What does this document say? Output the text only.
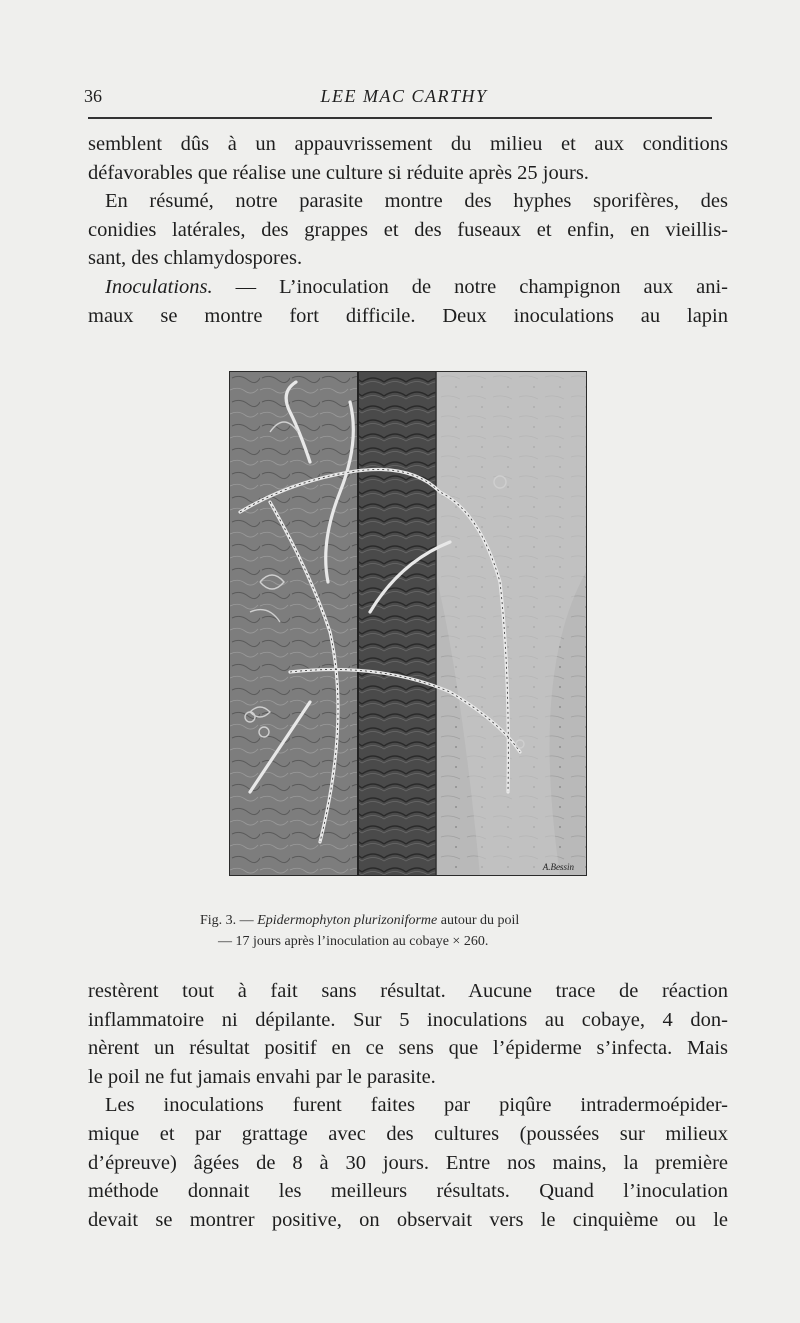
36	LEE MAC CARTHY
semblent dûs à un appauvrissement du milieu et aux conditions
défavorables que réalise une culture si réduite après 25 jours.
En résumé, notre parasite montre des hyphes sporifères, des
conidies latérales, des grappes et des fuseaux et enfin, en vieillis-
sant, des chlamydospores.
Inoculations. — L’inoculation de notre champignon aux ani-
maux se montre fort difficile. Deux inoculations au lapin
A.Bessin
Fig. 3. — Epidermophyton plurizoniforme autour du poil
— 17 jours après l’inoculation au cobaye × 260.
restèrent tout à fait sans résultat. Aucune trace de réaction
inflammatoire ni dépilante. Sur 5 inoculations au cobaye, 4 don-
nèrent un résultat positif en ce sens que l’épiderme s’infecta. Mais
le poil ne fut jamais envahi par le parasite.
Les inoculations furent faites par piqûre intradermoépider-
mique et par grattage avec des cultures (poussées sur milieux
d’épreuve) âgées de 8 à 30 jours. Entre nos mains, la première
méthode donnait les meilleurs résultats. Quand l’inoculation
devait se montrer positive, on observait vers le cinquième ou le
